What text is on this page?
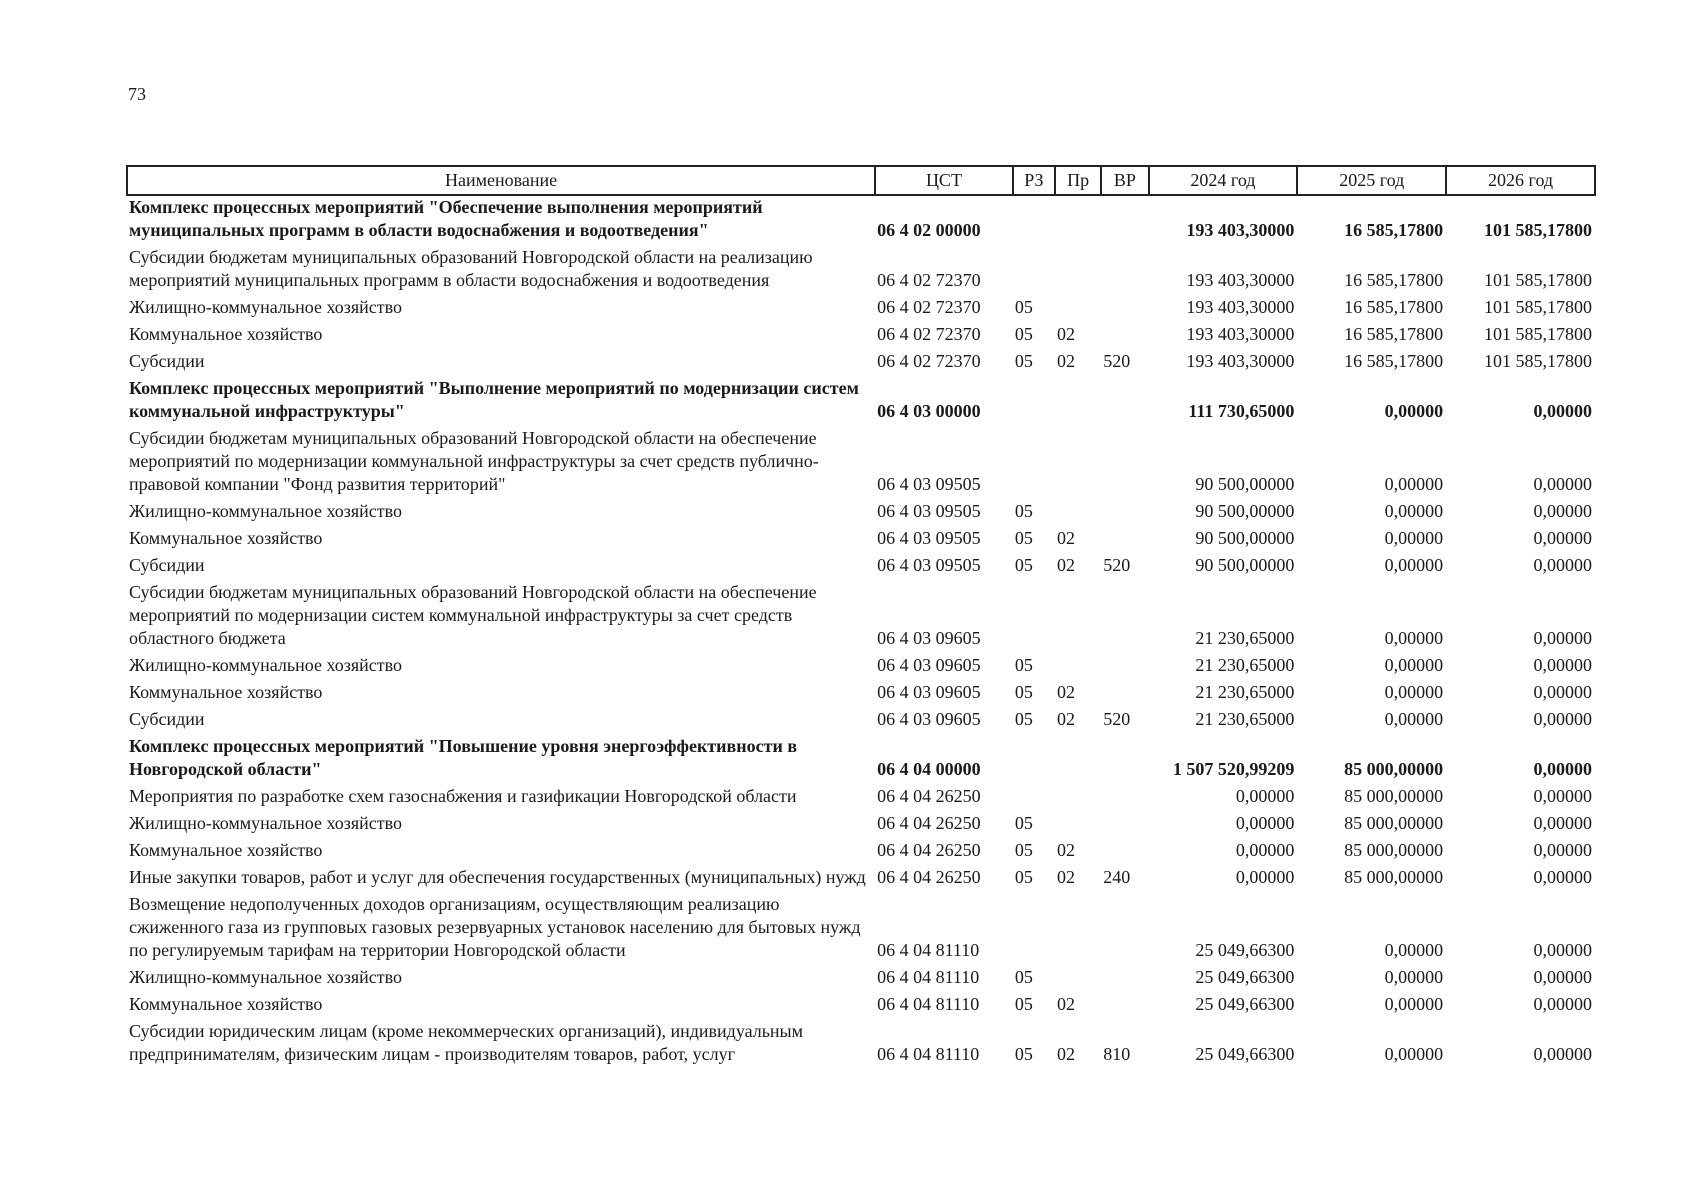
73
Наименование	ЦСТ	РЗ	Пр	ВР	2024 год	2025 год	2026 год
Комплекс процессных мероприятий "Обеспечение выполнения мероприятий муниципальных программ в области водоснабжения и водоотведения"	06 4 02 00000				193 403,30000	16 585,17800	101 585,17800
Субсидии бюджетам муниципальных образований Новгородской области на реализацию мероприятий муниципальных программ в области водоснабжения и водоотведения	06 4 02 72370				193 403,30000	16 585,17800	101 585,17800
Жилищно-коммунальное хозяйство	06 4 02 72370	05			193 403,30000	16 585,17800	101 585,17800
Коммунальное хозяйство	06 4 02 72370	05	02		193 403,30000	16 585,17800	101 585,17800
Субсидии	06 4 02 72370	05	02	520	193 403,30000	16 585,17800	101 585,17800
Комплекс процессных мероприятий "Выполнение мероприятий по модернизации систем коммунальной инфраструктуры"	06 4 03 00000				111 730,65000	0,00000	0,00000
Субсидии бюджетам муниципальных образований Новгородской области на обеспечение мероприятий по модернизации коммунальной инфраструктуры за счет средств публично-правовой компании "Фонд развития территорий"	06 4 03 09505				90 500,00000	0,00000	0,00000
Жилищно-коммунальное хозяйство	06 4 03 09505	05			90 500,00000	0,00000	0,00000
Коммунальное хозяйство	06 4 03 09505	05	02		90 500,00000	0,00000	0,00000
Субсидии	06 4 03 09505	05	02	520	90 500,00000	0,00000	0,00000
Субсидии бюджетам муниципальных образований Новгородской области на обеспечение мероприятий по модернизации систем коммунальной инфраструктуры за счет средств областного бюджета	06 4 03 09605				21 230,65000	0,00000	0,00000
Жилищно-коммунальное хозяйство	06 4 03 09605	05			21 230,65000	0,00000	0,00000
Коммунальное хозяйство	06 4 03 09605	05	02		21 230,65000	0,00000	0,00000
Субсидии	06 4 03 09605	05	02	520	21 230,65000	0,00000	0,00000
Комплекс процессных мероприятий "Повышение уровня энергоэффективности в Новгородской области"	06 4 04 00000				1 507 520,99209	85 000,00000	0,00000
Мероприятия по разработке схем газоснабжения и газификации Новгородской области	06 4 04 26250				0,00000	85 000,00000	0,00000
Жилищно-коммунальное хозяйство	06 4 04 26250	05			0,00000	85 000,00000	0,00000
Коммунальное хозяйство	06 4 04 26250	05	02		0,00000	85 000,00000	0,00000
Иные закупки товаров, работ и услуг для обеспечения государственных (муниципальных) нужд	06 4 04 26250	05	02	240	0,00000	85 000,00000	0,00000
Возмещение недополученных доходов организациям, осуществляющим реализацию сжиженного газа из групповых газовых резервуарных установок населению для бытовых нужд по регулируемым тарифам на территории Новгородской области	06 4 04 81110				25 049,66300	0,00000	0,00000
Жилищно-коммунальное хозяйство	06 4 04 81110	05			25 049,66300	0,00000	0,00000
Коммунальное хозяйство	06 4 04 81110	05	02		25 049,66300	0,00000	0,00000
Субсидии юридическим лицам (кроме некоммерческих организаций), индивидуальным предпринимателям, физическим лицам - производителям товаров, работ, услуг	06 4 04 81110	05	02	810	25 049,66300	0,00000	0,00000
